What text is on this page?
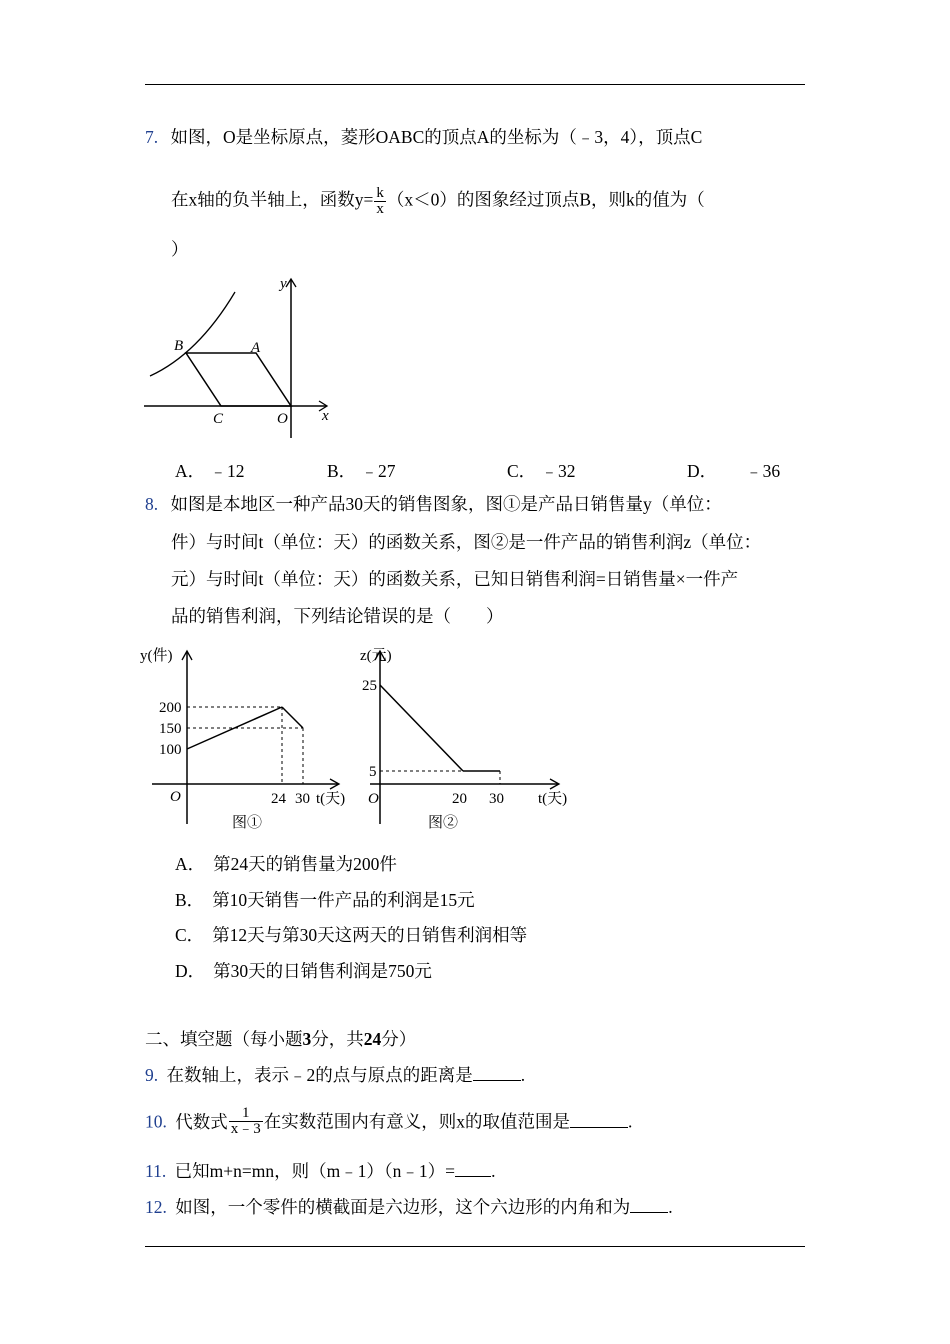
7. 如图，O是坐标原点，菱形OABC的顶点A的坐标为（﹣3，4），顶点C
在x轴的负半轴上，函数$y= \frac{k}{x} (x<0)$的图象经过顶点B，则k的值为（
）
y
x
B	A
C	O
A． ﹣12	B． ﹣27	C． ﹣32	D． ﹣36
8. 如图是本地区一种产品30天的销售图象，图①是产品日销售量y（单位：
件）与时间t（单位：天）的函数关系，图②是一件产品的销售利润z（单位：
元）与时间t（单位：天）的函数关系，已知日销售利润=日销售量×一件产
品的销售利润，下列结论错误的是（　　）
y(件)
200
150
100
O	24 30 t(天)
图①
z(元)
25
5
O	20 30 t(天)
图②
A． 第24天的销售量为200件
B． 第10天销售一件产品的利润是15元
C． 第12天与第30天这两天的日销售利润相等
D． 第30天的日销售利润是750元
二、填空题（每小题3分，共24分）
9. 在数轴上，表示﹣2的点与原点的距离是	.
10. 代数式 $\frac{1}{x﹣3}$ 在实数范围内有意义，则x的取值范围是	.
11. 已知m+n=mn，则（m﹣1）（n﹣1）= .
12. 如图，一个零件的横截面是六边形，这个六边形的内角和为 .
